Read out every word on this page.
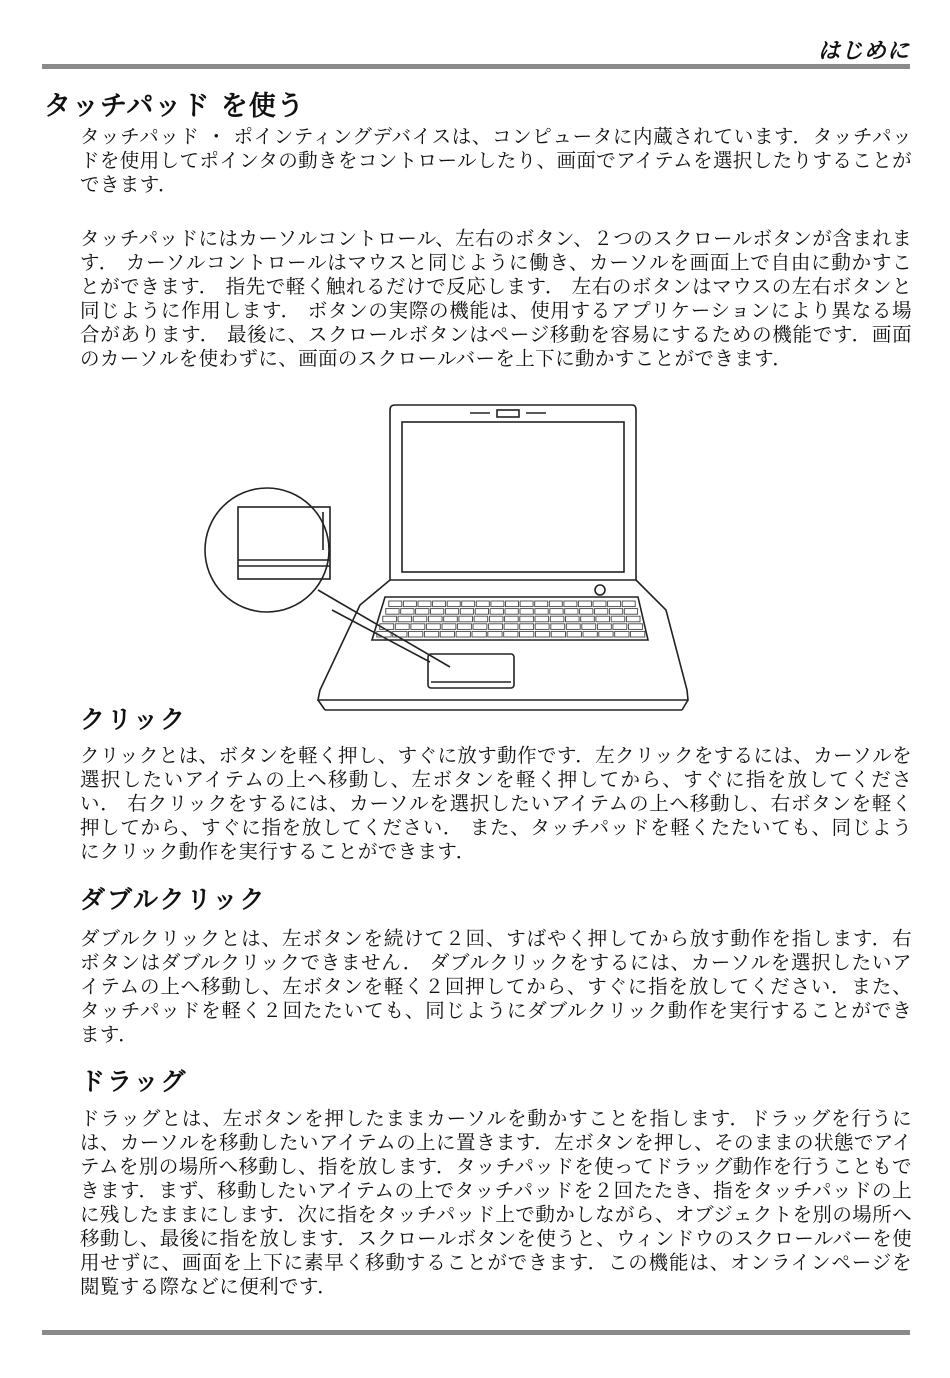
はじめに
タッチパッド を使う

タッチパッド ・ ポインティングデバイスは、コンピュータに内蔵されています．タッチパッドを使用してポインタの動きをコントロールしたり、画面でアイテムを選択したりすることができます．

タッチパッドにはカーソルコントロール、左右のボタン、２つのスクロールボタンが含まれます． カーソルコントロールはマウスと同じように働き、カーソルを画面上で自由に動かすことができます． 指先で軽く触れるだけで反応します． 左右のボタンはマウスの左右ボタンと同じように作用します． ボタンの実際の機能は、使用するアプリケーションにより異なる場合があります． 最後に、スクロールボタンはページ移動を容易にするための機能です．画面のカーソルを使わずに、画面のスクロールバーを上下に動かすことができます．

クリック

クリックとは、ボタンを軽く押し、すぐに放す動作です．左クリックをするには、カーソルを選択したいアイテムの上へ移動し、左ボタンを軽く押してから、すぐに指を放してください． 右クリックをするには、カーソルを選択したいアイテムの上へ移動し、右ボタンを軽く押してから、すぐに指を放してください． また、タッチパッドを軽くたたいても、同じようにクリック動作を実行することができます．

ダブルクリック

ダブルクリックとは、左ボタンを続けて２回、すばやく押してから放す動作を指します．右ボタンはダブルクリックできません． ダブルクリックをするには、カーソルを選択したいアイテムの上へ移動し、左ボタンを軽く２回押してから、すぐに指を放してください．また、タッチパッドを軽く２回たたいても、同じようにダブルクリック動作を実行することができます．

ドラッグ

ドラッグとは、左ボタンを押したままカーソルを動かすことを指します．ドラッグを行うには、カーソルを移動したいアイテムの上に置きます．左ボタンを押し、そのままの状態でアイテムを別の場所へ移動し、指を放します．タッチパッドを使ってドラッグ動作を行うこともできます．まず、移動したいアイテムの上でタッチパッドを２回たたき、指をタッチパッドの上に残したままにします．次に指をタッチパッド上で動かしながら、オブジェクトを別の場所へ移動し、最後に指を放します．スクロールボタンを使うと、ウィンドウのスクロールバーを使用せずに、画面を上下に素早く移動することができます．この機能は、オンラインページを閲覧する際などに便利です．
